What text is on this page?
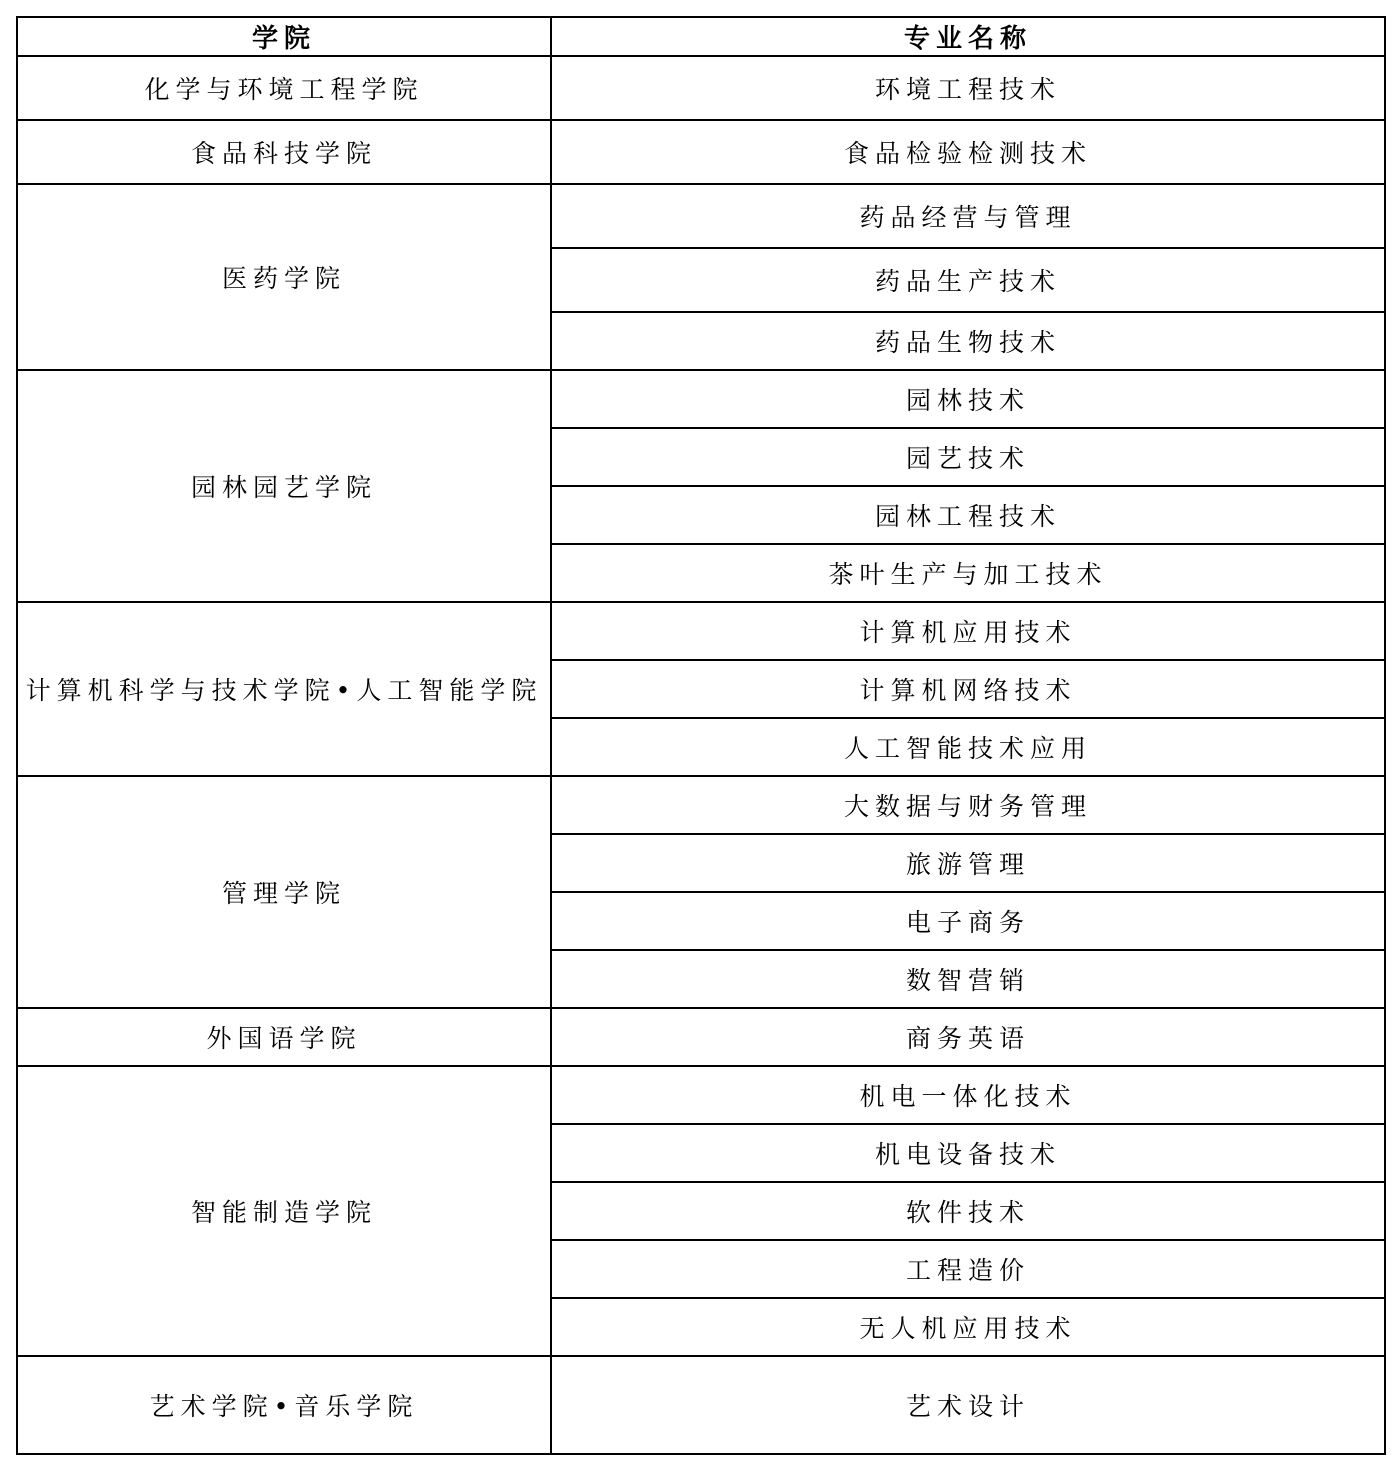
学院	专业名称
化学与环境工程学院	环境工程技术
食品科技学院	食品检验检测技术
医药学院	药品经营与管理
	药品生产技术
	药品生物技术
园林园艺学院	园林技术
	园艺技术
	园林工程技术
	茶叶生产与加工技术
计算机科学与技术学院•人工智能学院	计算机应用技术
	计算机网络技术
	人工智能技术应用
管理学院	大数据与财务管理
	旅游管理
	电子商务
	数智营销
外国语学院	商务英语
智能制造学院	机电一体化技术
	机电设备技术
	软件技术
	工程造价
	无人机应用技术
艺术学院•音乐学院	艺术设计
